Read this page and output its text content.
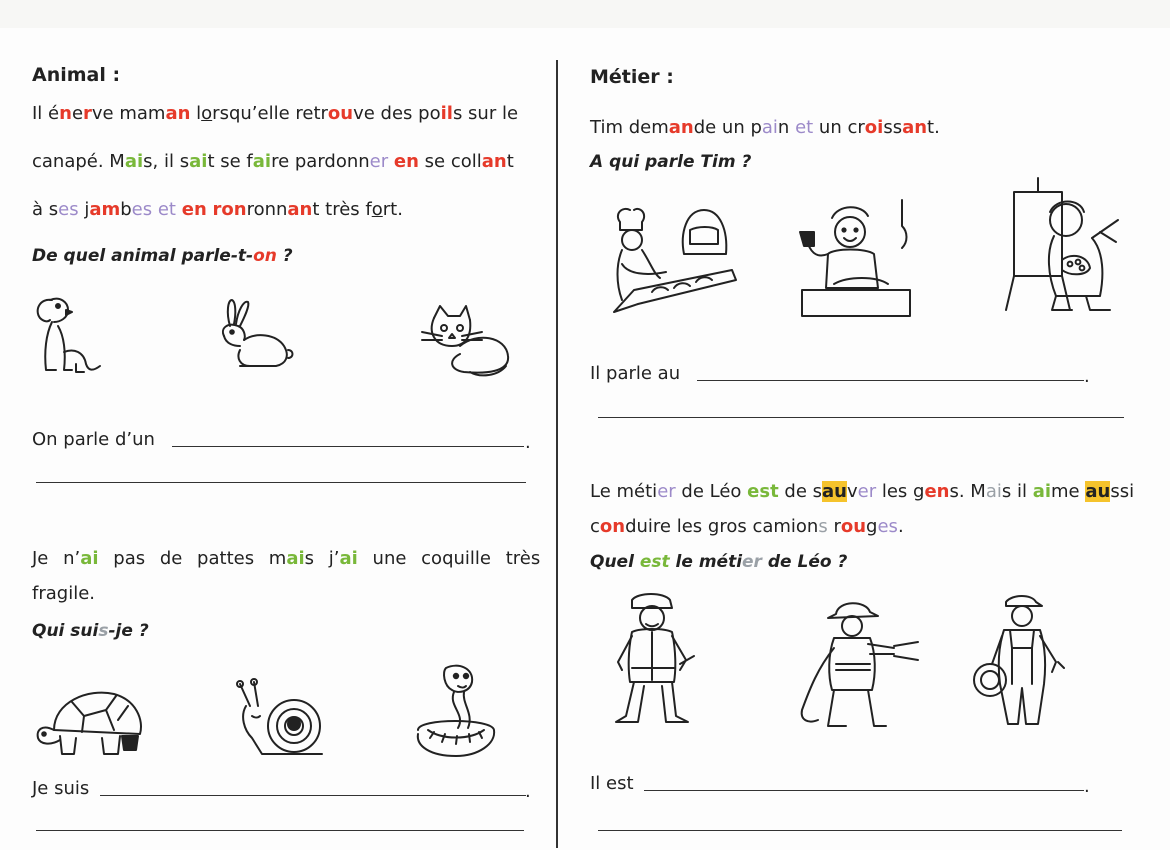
Animal :
Il énerve maman lorsqu’elle retrouve des poils sur le
canapé. Mais, il sait se faire pardonner en se collant
à ses jambes et en ronronnant très fort.
De quel animal parle-t-on ?
On parle d’un	.
Je n’ai pas de pattes mais j’ai une coquille très
fragile.
Qui suis-je ?
Je suis	.
Métier :
Tim demande un pain et un croissant.
A qui parle Tim ?
Il parle au	.
Le métier de Léo est de sauver les gens. Mais il aime aussi
conduire les gros camions rouges.
Quel est le métier de Léo ?
Il est	.
